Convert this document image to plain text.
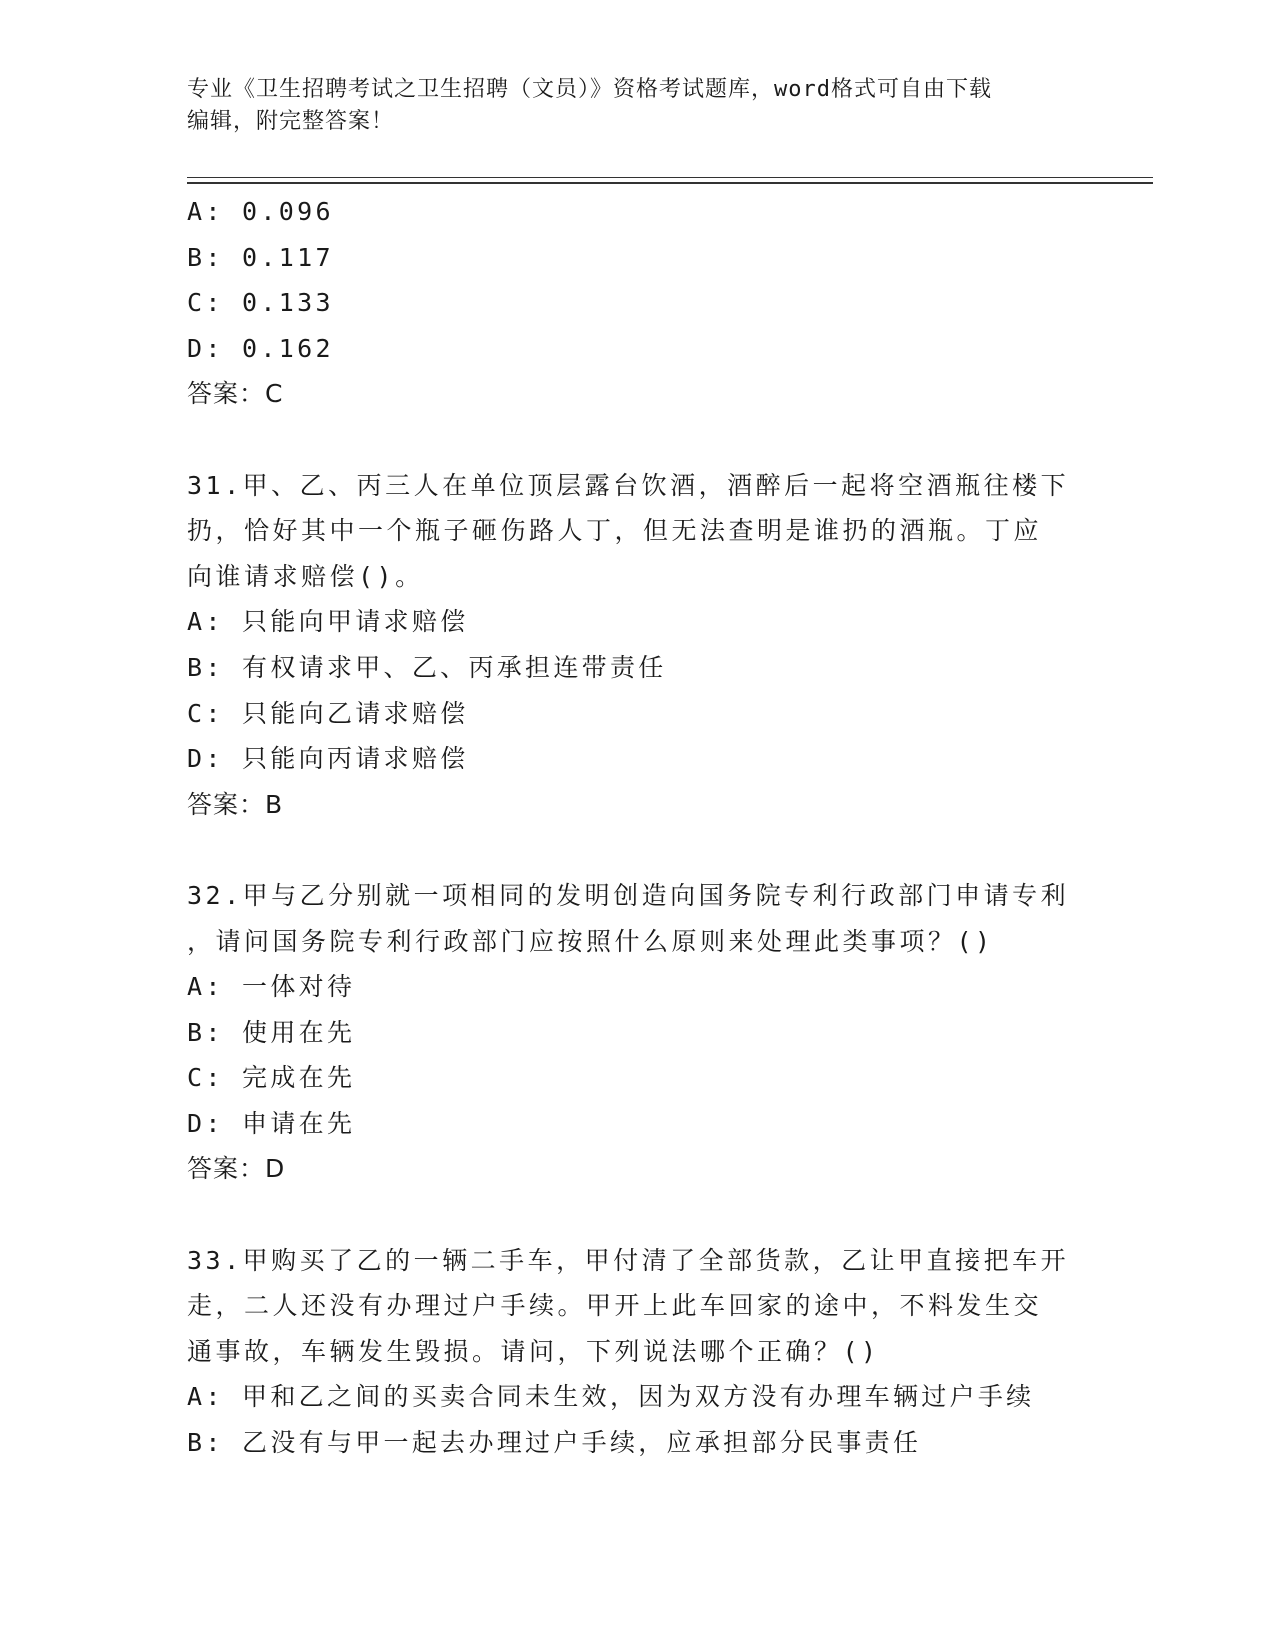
专业《卫生招聘考试之卫生招聘（文员）》资格考试题库，word格式可自由下载
编辑，附完整答案！
A: 0.096
B: 0.117
C: 0.133
D: 0.162
答案：C
31.甲、乙、丙三人在单位顶层露台饮酒，酒醉后一起将空酒瓶往楼下
扔，恰好其中一个瓶子砸伤路人丁，但无法查明是谁扔的酒瓶。丁应
向谁请求赔偿()。
A: 只能向甲请求赔偿
B: 有权请求甲、乙、丙承担连带责任
C: 只能向乙请求赔偿
D: 只能向丙请求赔偿
答案：B
32.甲与乙分别就一项相同的发明创造向国务院专利行政部门申请专利
，请问国务院专利行政部门应按照什么原则来处理此类事项？()
A: 一体对待
B: 使用在先
C: 完成在先
D: 申请在先
答案：D
33.甲购买了乙的一辆二手车，甲付清了全部货款，乙让甲直接把车开
走，二人还没有办理过户手续。甲开上此车回家的途中，不料发生交
通事故，车辆发生毁损。请问，下列说法哪个正确？()
A: 甲和乙之间的买卖合同未生效，因为双方没有办理车辆过户手续
B: 乙没有与甲一起去办理过户手续，应承担部分民事责任
